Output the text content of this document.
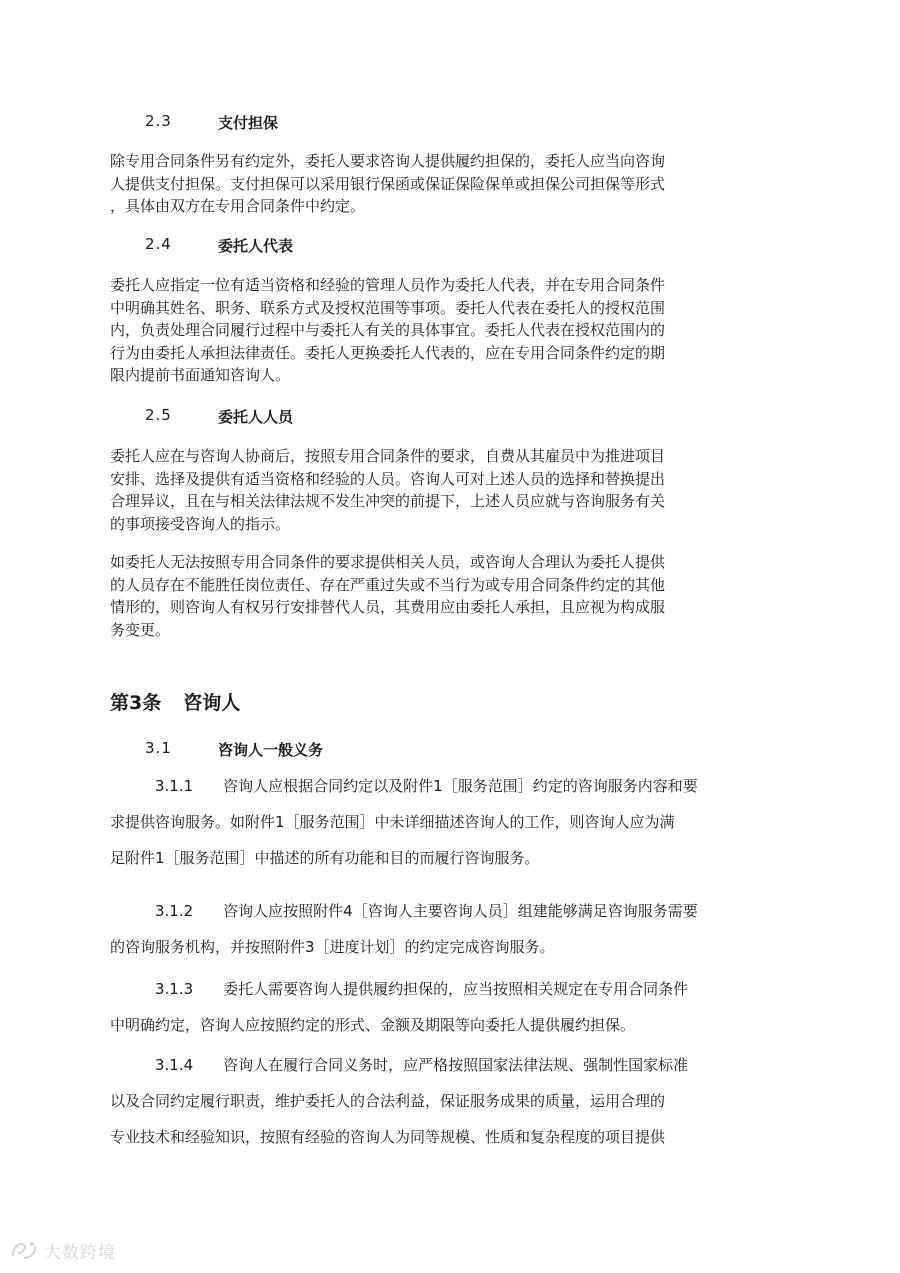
2.3	支付担保
除专用合同条件另有约定外，委托人要求咨询人提供履约担保的，委托人应当向咨询
人提供支付担保。支付担保可以采用银行保函或保证保险保单或担保公司担保等形式
，具体由双方在专用合同条件中约定。
2.4	委托人代表
委托人应指定一位有适当资格和经验的管理人员作为委托人代表，并在专用合同条件
中明确其姓名、职务、联系方式及授权范围等事项。委托人代表在委托人的授权范围
内，负责处理合同履行过程中与委托人有关的具体事宜。委托人代表在授权范围内的
行为由委托人承担法律责任。委托人更换委托人代表的，应在专用合同条件约定的期
限内提前书面通知咨询人。
2.5	委托人人员
委托人应在与咨询人协商后，按照专用合同条件的要求，自费从其雇员中为推进项目
安排、选择及提供有适当资格和经验的人员。咨询人可对上述人员的选择和替换提出
合理异议，且在与相关法律法规不发生冲突的前提下，上述人员应就与咨询服务有关
的事项接受咨询人的指示。
如委托人无法按照专用合同条件的要求提供相关人员，或咨询人合理认为委托人提供
的人员存在不能胜任岗位责任、存在严重过失或不当行为或专用合同条件约定的其他
情形的，则咨询人有权另行安排替代人员，其费用应由委托人承担，且应视为构成服
务变更。
第3条 咨询人
3.1	咨询人一般义务
　　　3.1.1　　咨询人应根据合同约定以及附件1［服务范围］约定的咨询服务内容和要
求提供咨询服务。如附件1［服务范围］中未详细描述咨询人的工作，则咨询人应为满
足附件1［服务范围］中描述的所有功能和目的而履行咨询服务。
　　　3.1.2　　咨询人应按照附件4［咨询人主要咨询人员］组建能够满足咨询服务需要
的咨询服务机构，并按照附件3［进度计划］的约定完成咨询服务。
　　　3.1.3　　委托人需要咨询人提供履约担保的，应当按照相关规定在专用合同条件
中明确约定，咨询人应按照约定的形式、金额及期限等向委托人提供履约担保。
　　　3.1.4　　咨询人在履行合同义务时，应严格按照国家法律法规、强制性国家标准
以及合同约定履行职责，维护委托人的合法利益，保证服务成果的质量，运用合理的
专业技术和经验知识，按照有经验的咨询人为同等规模、性质和复杂程度的项目提供
大数跨境
